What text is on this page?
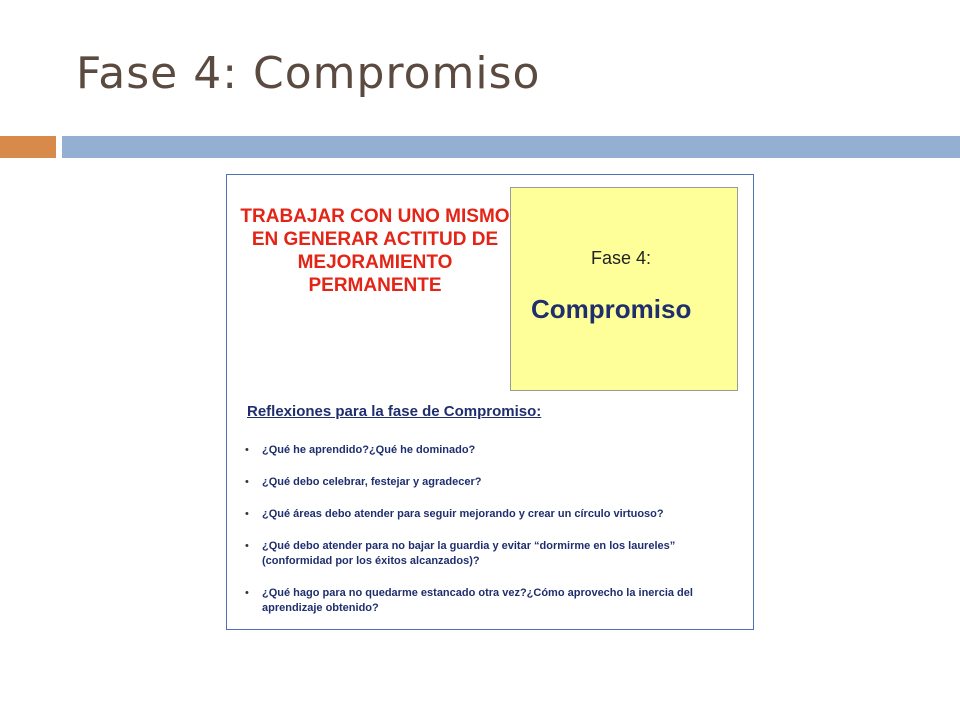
Fase 4: Compromiso
TRABAJAR CON UNO MISMO EN GENERAR ACTITUD DE MEJORAMIENTO PERMANENTE
Fase 4:
Compromiso
Reflexiones para la fase de Compromiso:
• ¿Qué he aprendido?¿Qué he dominado?
• ¿Qué debo celebrar, festejar y agradecer?
• ¿Qué áreas debo atender para seguir mejorando y crear un círculo virtuoso?
• ¿Qué debo atender para no bajar la guardia y evitar “dormirme en los laureles” (conformidad por los éxitos alcanzados)?
• ¿Qué hago para no quedarme estancado otra vez?¿Cómo aprovecho la inercia del aprendizaje obtenido?
